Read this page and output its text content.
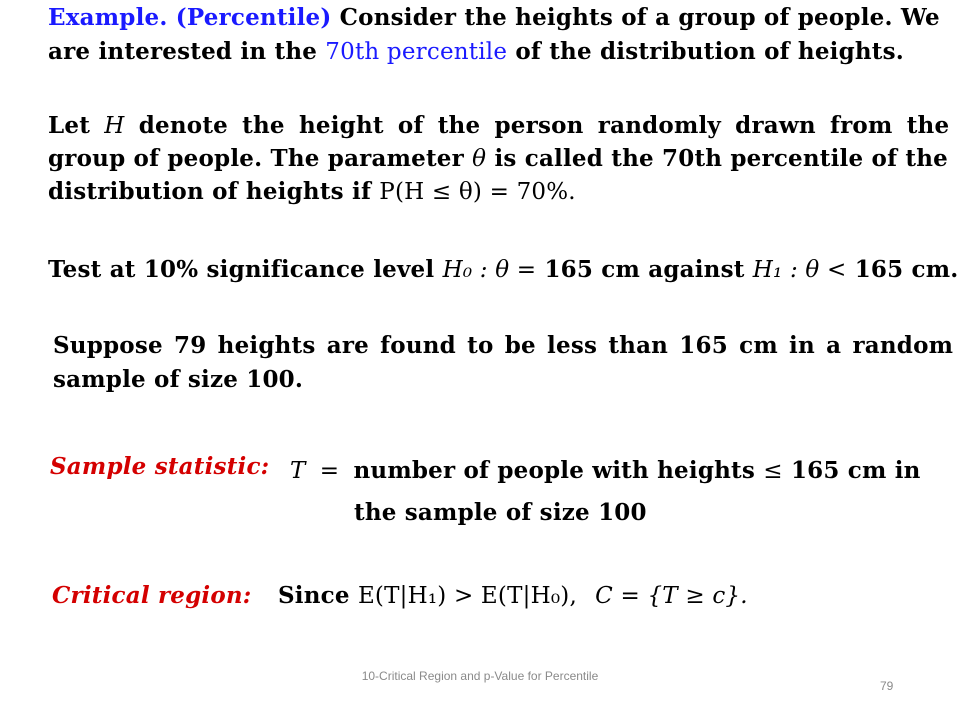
Example. (Percentile) Consider the heights of a group of people. We
are interested in the 70th percentile of the distribution of heights.
Let H denote the height of the person randomly drawn from the
group of people. The parameter θ is called the 70th percentile of the
distribution of heights if P(H ≤ θ) = 70%.
Test at 10% significance level H₀ : θ = 165 cm against H₁ : θ < 165 cm.
Suppose 79 heights are found to be less than 165 cm in a random
sample of size 100.
Sample statistic: T = number of people with heights ≤ 165 cm in
the sample of size 100
Critical region: Since E(T|H₁) > E(T|H₀), C = {T ≥ c}.
10-Critical Region and p-Value for Percentile
79
